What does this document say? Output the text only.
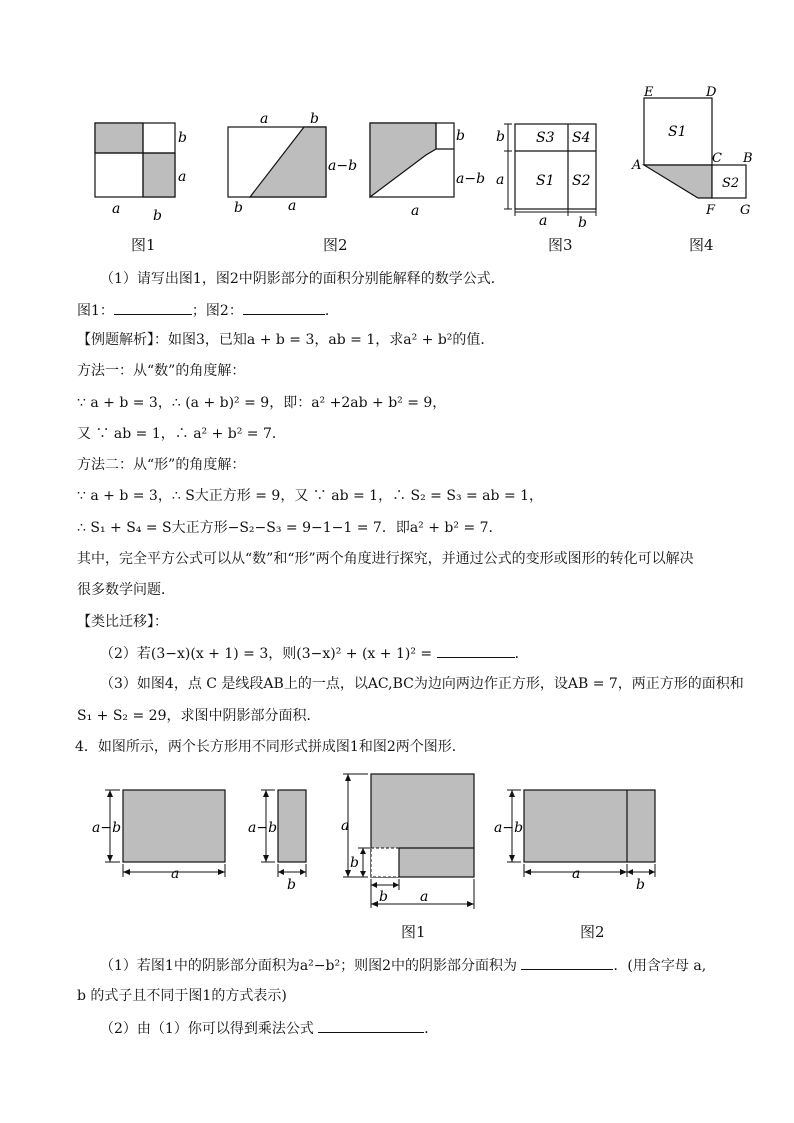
b
a
a b
图1
a	b
a−b
b	a
图2
b
a−b
a
图3
b
a
S3 S4
S1 S2
a b
图4
E	D
S1
A	C B
S2
F G
（1）请写出图1，图2中阴影部分的面积分别能解释的数学公式．
图1：	；图2：	．
【例题解析】：如图3，已知a + b = 3，ab = 1，求a² + b²的值．
方法一：从“数”的角度解：
∵ a + b = 3，∴ (a + b)² = 9，即：a² +2ab + b² = 9，
又 ∵ ab = 1，∴ a² + b² = 7．
方法二：从“形”的角度解：
∵ a + b = 3，∴ S大正方形 = 9，又 ∵ ab = 1，∴ S₂ = S₃ = ab = 1，
∴ S₁ + S₄ = S大正方形−S₂−S₃ = 9−1−1 = 7．即a² + b² = 7．
其中，完全平方公式可以从“数”和“形”两个角度进行探究，并通过公式的变形或图形的转化可以解决
很多数学问题．
【类比迁移】：
（2）若(3−x)(x + 1) = 3，则(3−x)² + (x + 1)² =	．
（3）如图4，点 C 是线段AB上的一点，以AC,BC为边向两边作正方形，设AB = 7，两正方形的面积和
S₁ + S₂ = 29，求图中阴影部分面积．
4．如图所示，两个长方形用不同形式拼成图1和图2两个图形．
a−b
a
a−b
b
a
b
b a
图1
a−b
a
b
图2
（1）若图1中的阴影部分面积为a²−b²；则图2中的阴影部分面积为	．(用含字母 a,
b 的式子且不同于图1的方式表示)
（2）由（1）你可以得到乘法公式	．
